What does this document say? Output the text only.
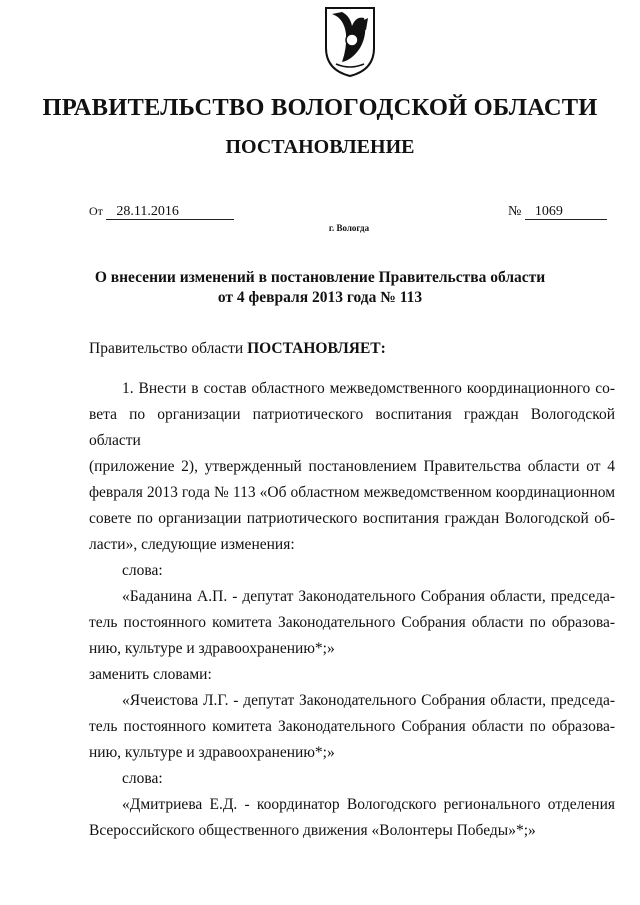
ПРАВИТЕЛЬСТВО ВОЛОГОДСКОЙ ОБЛАСТИ
ПОСТАНОВЛЕНИЕ
От 28.11.2016	№ 1069
г. Вологда
О внесении изменений в постановление Правительства области
от 4 февраля 2013 года № 113
Правительство области ПОСТАНОВЛЯЕТ:
1. Внести в состав областного межведомственного координационного со-
вета по организации патриотического воспитания граждан Вологодской области
(приложение 2), утвержденный постановлением Правительства области от 4
февраля 2013 года № 113 «Об областном межведомственном координационном
совете по организации патриотического воспитания граждан Вологодской об-
ласти», следующие изменения:
слова:
«Баданина А.П. - депутат Законодательного Собрания области, председа-
тель постоянного комитета Законодательного Собрания области по образова-
нию, культуре и здравоохранению*;»
заменить словами:
«Ячеистова Л.Г. - депутат Законодательного Собрания области, председа-
тель постоянного комитета Законодательного Собрания области по образова-
нию, культуре и здравоохранению*;»
слова:
«Дмитриева Е.Д. - координатор Вологодского регионального отделения
Всероссийского общественного движения «Волонтеры Победы»*;»
